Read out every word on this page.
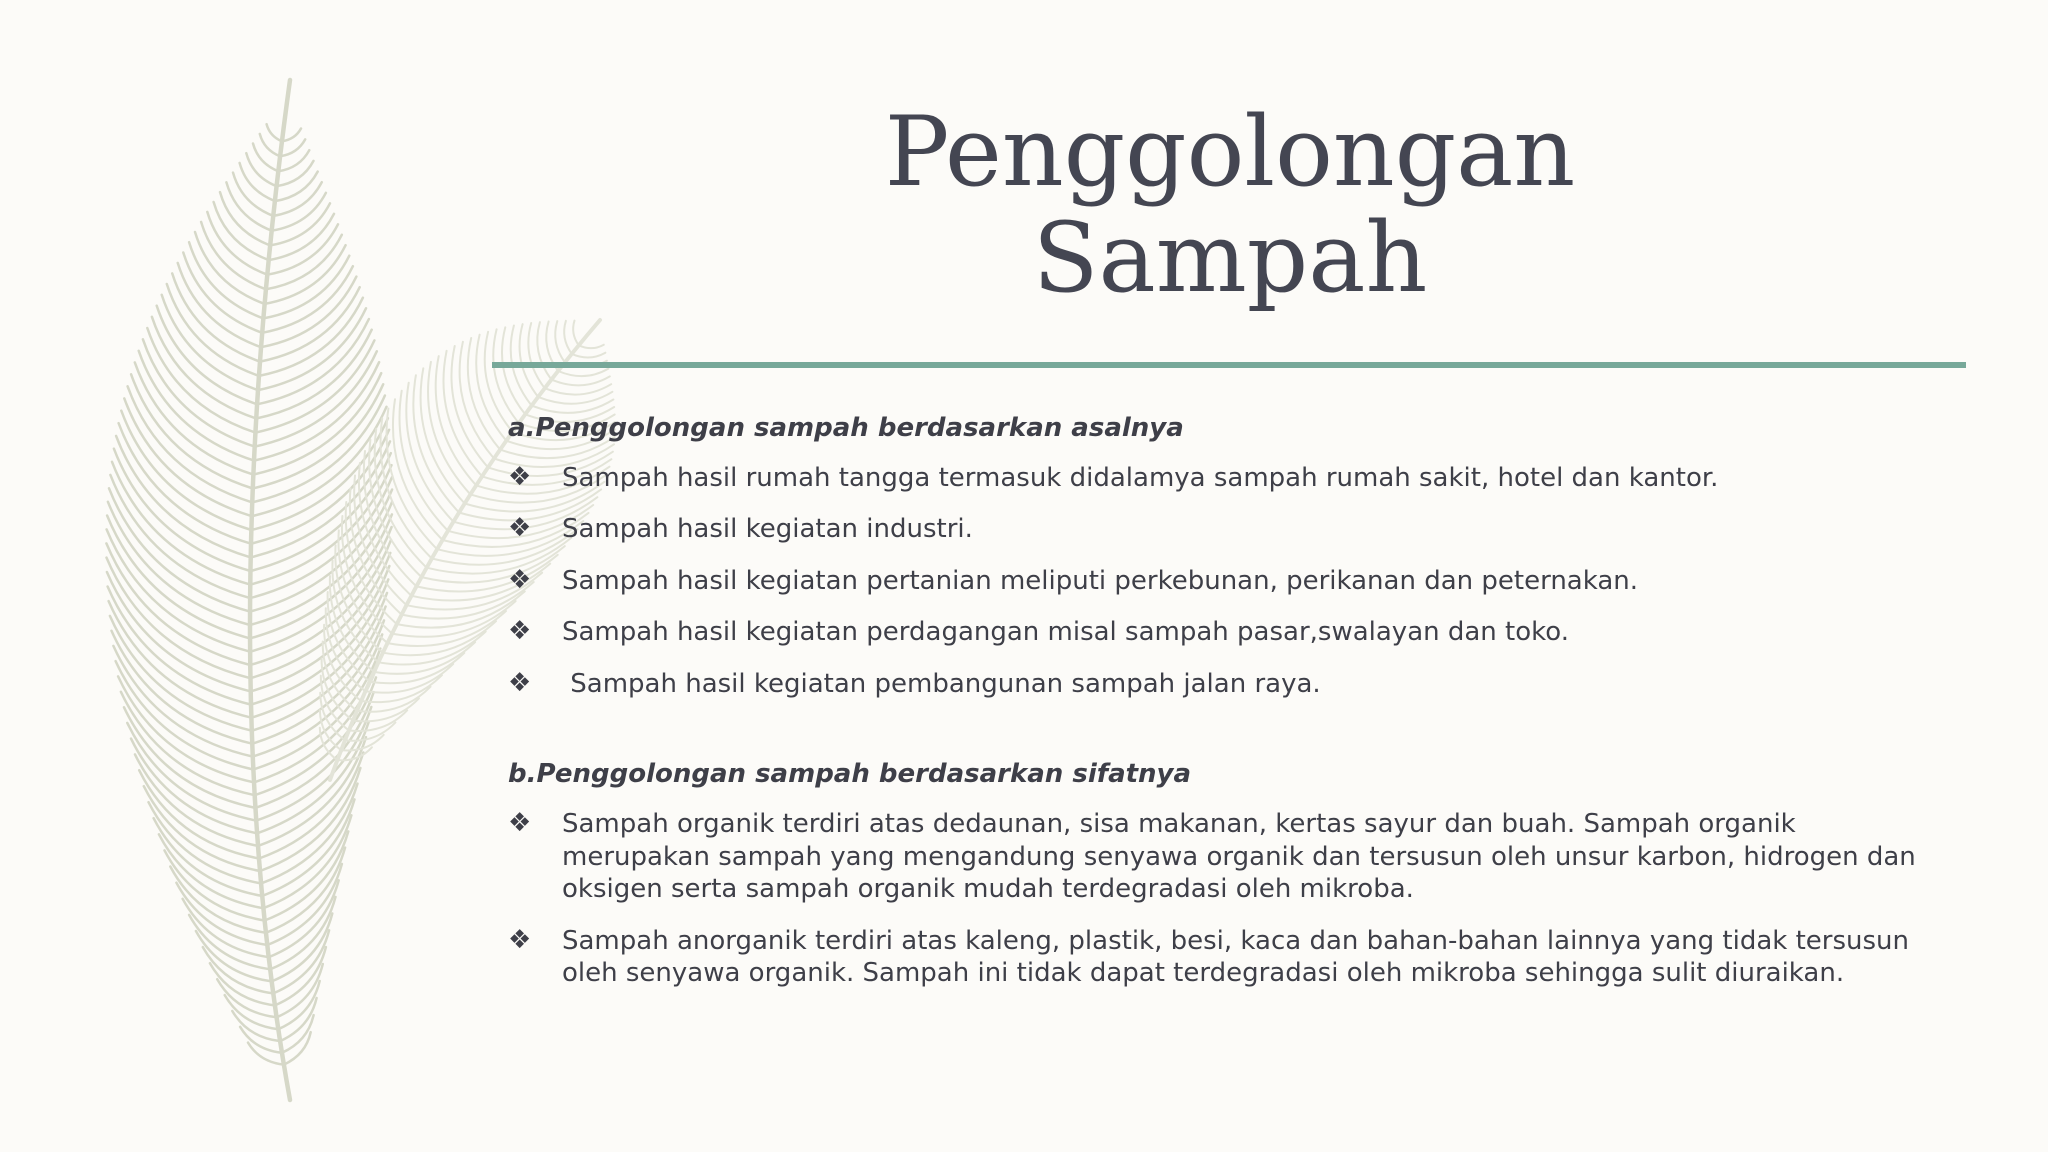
Penggolongan Sampah

a.Penggolongan sampah berdasarkan asalnya

❖ Sampah hasil rumah tangga termasuk didalamya sampah rumah sakit, hotel dan kantor.
❖ Sampah hasil kegiatan industri.
❖ Sampah hasil kegiatan pertanian meliputi perkebunan, perikanan dan peternakan.
❖ Sampah hasil kegiatan perdagangan misal sampah pasar,swalayan dan toko.
❖ Sampah hasil kegiatan pembangunan sampah jalan raya.

b.Penggolongan sampah berdasarkan sifatnya

❖ Sampah organik terdiri atas dedaunan, sisa makanan, kertas sayur dan buah. Sampah organik merupakan sampah yang mengandung senyawa organik dan tersusun oleh unsur karbon, hidrogen dan oksigen serta sampah organik mudah terdegradasi oleh mikroba.
❖ Sampah anorganik terdiri atas kaleng, plastik, besi, kaca dan bahan-bahan lainnya yang tidak tersusun oleh senyawa organik. Sampah ini tidak dapat terdegradasi oleh mikroba sehingga sulit diuraikan.
